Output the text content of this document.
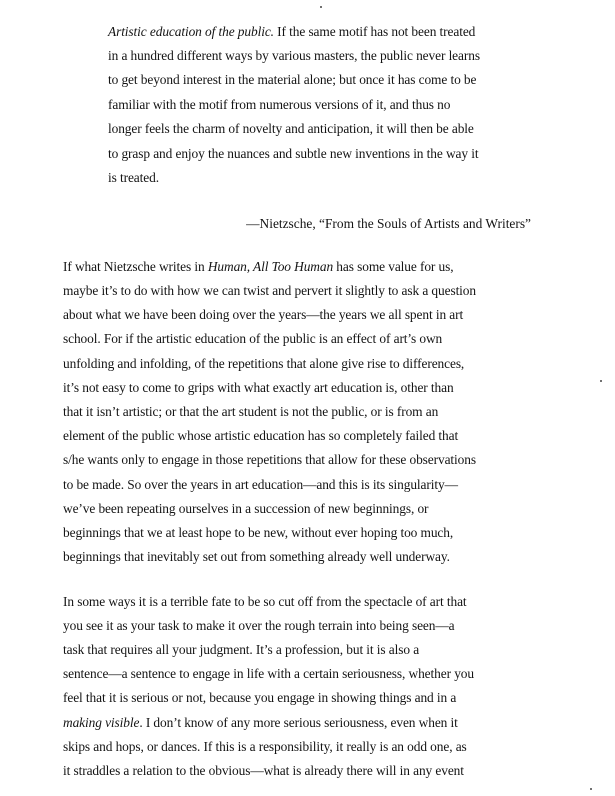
Artistic education of the public. If the same motif has not been treated
in a hundred different ways by various masters, the public never learns
to get beyond interest in the material alone; but once it has come to be
familiar with the motif from numerous versions of it, and thus no
longer feels the charm of novelty and anticipation, it will then be able
to grasp and enjoy the nuances and subtle new inventions in the way it
is treated.
—Nietzsche, “From the Souls of Artists and Writers”
If what Nietzsche writes in Human, All Too Human has some value for us,
maybe it’s to do with how we can twist and pervert it slightly to ask a question
about what we have been doing over the years—the years we all spent in art
school. For if the artistic education of the public is an effect of art’s own
unfolding and infolding, of the repetitions that alone give rise to differences,
it’s not easy to come to grips with what exactly art education is, other than
that it isn’t artistic; or that the art student is not the public, or is from an
element of the public whose artistic education has so completely failed that
s/he wants only to engage in those repetitions that allow for these observations
to be made. So over the years in art education—and this is its singularity—
we’ve been repeating ourselves in a succession of new beginnings, or
beginnings that we at least hope to be new, without ever hoping too much,
beginnings that inevitably set out from something already well underway.
In some ways it is a terrible fate to be so cut off from the spectacle of art that
you see it as your task to make it over the rough terrain into being seen—a
task that requires all your judgment. It’s a profession, but it is also a
sentence—a sentence to engage in life with a certain seriousness, whether you
feel that it is serious or not, because you engage in showing things and in a
making visible. I don’t know of any more serious seriousness, even when it
skips and hops, or dances. If this is a responsibility, it really is an odd one, as
it straddles a relation to the obvious—what is already there will in any event
